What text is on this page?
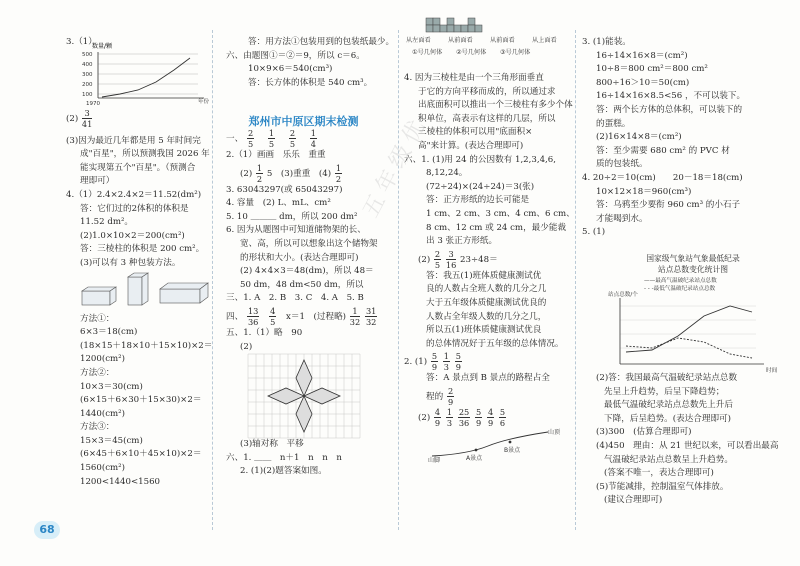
五年级优
3.（1）
数量/颗
500
400
300
200
100
年份
1970
$(2) \frac{3}{41}$
(3)因为最近几年都是用 5 年时间完
成"百星"，所以预测我国 2026 年
能实现第五个"百星"。（预测合
理即可）
4.（1）2.4×2.4×2＝11.52(dm²)
答：它们过的2体积的体积是
11.52 dm²。
(2)1.0×10×2＝200(cm²)
答：三棱柱的体积是 200 cm²。
(3)可以有 3 种包装方法。
方法①：
6×3＝18(cm)
(18×15＋18×10＋15×10)×2＝
1200(cm²)
方法②：
10×3＝30(cm)
(6×15＋6×30＋15×30)×2＝
1440(cm²)
方法③：
15×3＝45(cm)
(6×45＋6×10＋45×10)×2＝
1560(cm²)
1200<1440<1560
答：用方法①包装用到的包装纸最少。
六、由题图①＝②＝9，所以 c＝6。
10×9×6＝540(cm³)
答：长方体的体积是 540 cm³。
郑州市中原区期末检测
一、 $\frac{2}{5}$
$\frac{1}{5}$
$\frac{2}{5}$
$\frac{1}{4}$
2.（1）画画　乐乐　重重
$(2) \frac{1}{2} 5$　(3)重重　$(4) \frac{1}{2}$
3. 63043297(或 65043297)
4. 容量　(2) L、mL、cm²
5. 10 ＿＿＿ dm，所以 200 dm²
6. 因为从题图中可知道储物架的长、
宽、高，所以可以想象出这个储物架
的形状和大小。(表达合理即可)
(2) 4×4×3＝48(dm)，所以 48＝
50 dm，48 dm<50 dm，所以
三、1. A　2. B　3. C　4. A　5. B
四、 $\frac{13}{36}$
$\frac{4}{5} x=1$　(过程略) $\frac{1}{32}$
$\frac{31}{32}$
五、1.（1）略　90
(2)
(3)轴对称　平移
六、1. ＿＿　n＋1　n　n　n
2. (1)(2)题答案如图。
从左面看	从前面看	从前面看	从上面看
①号几何体 ②号几何体 ③号几何体
4. 因为三棱柱是由一个三角形面垂直
于它的方向平移而成的，所以通过求
出底面积可以推出一个三棱柱有多少个体
积单位，高表示有这样的几层，所以
三棱柱的体积可以用"底面积×
高"来计算。(表达合理即可)
六、1. (1)用 24 的公因数有 1,2,3,4,6,
8,12,24。
(72÷24)×(24÷24)＝3(张)
答：正方形纸的边长可能是
1 cm、2 cm、3 cm、4 cm、6 cm、
8 cm、12 cm 或 24 cm，最少能裁
出 3 张正方形纸。
$(2) \frac{2}{5}$
$\frac{3}{16} 23\div 48=$
答：我五(1)班体质健康测试优
良的人数占全班人数的几分之几
大于五年级体质健康测试优良的
人数占全年级人数的几分之几，
所以五(1)班体质健康测试优良
的总体情况好于五年级的总体情况。
2. $(1) \frac{5}{9}$
$\frac{1}{3}$
$\frac{5}{9}$
答：A 景点到 B 景点的路程占全
程的 $\frac{2}{9}$
$(2) \frac{4}{9}$
$\frac{1}{3}$
$\frac{25}{36}$
$\frac{5}{9}$
$\frac{4}{9}$
$\frac{5}{6}$
山脚	A景点
B景点
山顶
3. (1)能装。
16÷14×16×8＝(cm²)
10÷8＝800 cm²＝800 cm²
800÷16＞10＝50(cm)
16÷14×16×8.5<56 ，不可以装下。
答：两个长方体的总体积，可以装下的
的蛋糕。
(2)16×14×8＝(cm²)
答：至少需要 680 cm² 的 PVC 材
质的包装纸。
4. 20÷2＝10(cm)　　20－18＝18(cm)
10×12×18＝960(cm³)
答：乌鸦至少要衔 960 cm³ 的小石子
才能喝到水。
5. (1)
国家级气象站气象最低纪录
站点总数变化统计图
——最高气温破纪录站点总数
- - -最低气温破纪录站点总数
站点总数/个
时间
(2)答：我国最高气温破纪录站点总数
先呈上升趋势，后呈下降趋势；
最低气温破纪录站点总数先上升后
下降，后呈趋势。(表达合理即可)
(3)300　(估算合理即可)
(4)450　理由：从 21 世纪以来，可以看出最高
气温破纪录站点总数呈上升趋势。
(答案不唯一，表达合理即可)
(5)节能减排，控制温室气体排放。
(建议合理即可)
68
